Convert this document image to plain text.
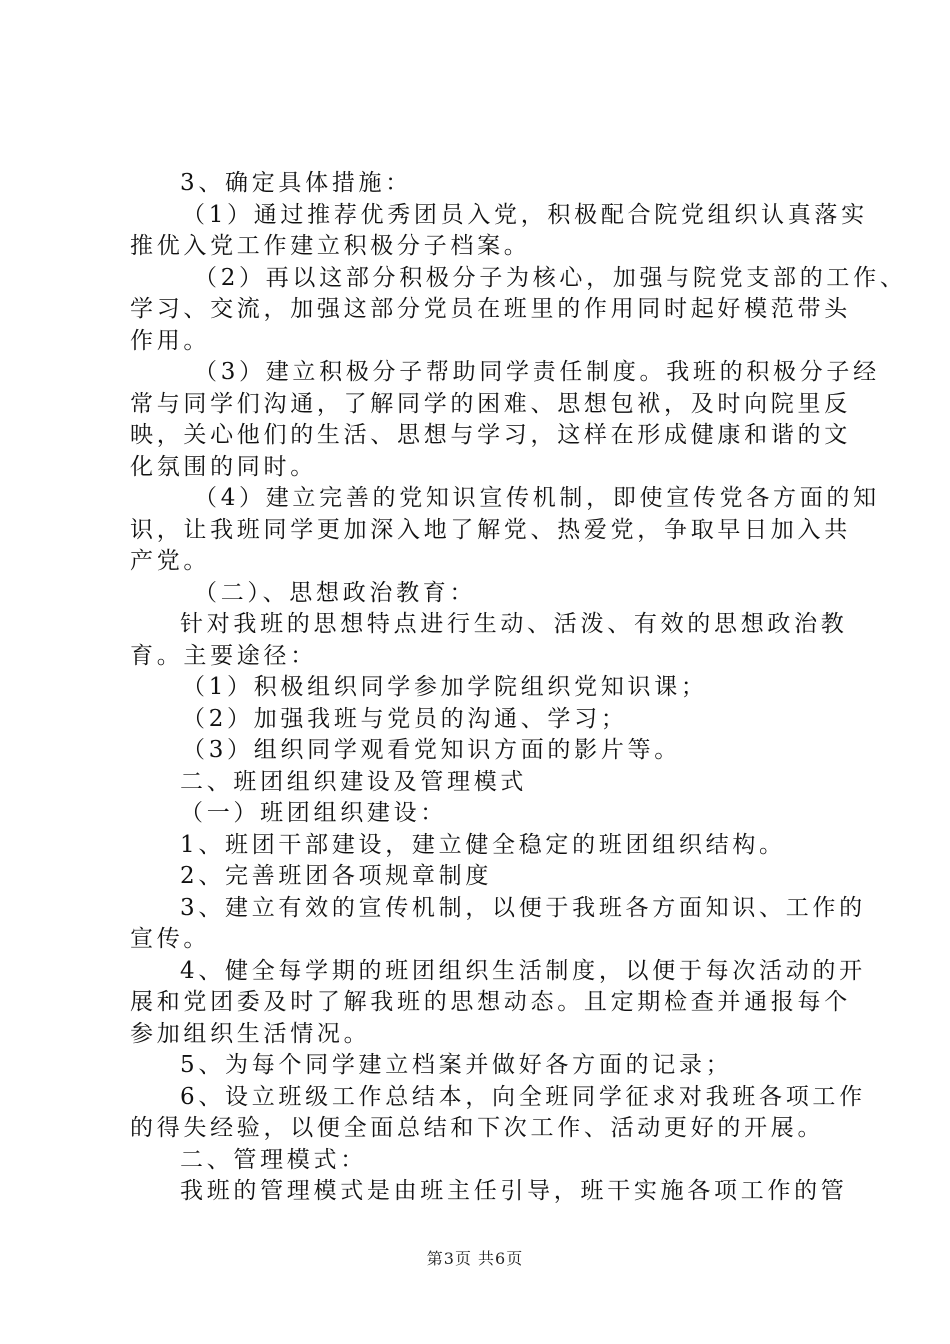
3、确定具体措施：
（1）通过推荐优秀团员入党，积极配合院党组织认真落实
推优入党工作建立积极分子档案。
（2）再以这部分积极分子为核心，加强与院党支部的工作、
学习、交流，加强这部分党员在班里的作用同时起好模范带头
作用。
（3）建立积极分子帮助同学责任制度。我班的积极分子经
常与同学们沟通，了解同学的困难、思想包袱，及时向院里反
映，关心他们的生活、思想与学习，这样在形成健康和谐的文
化氛围的同时。
（4）建立完善的党知识宣传机制，即使宣传党各方面的知
识，让我班同学更加深入地了解党、热爱党，争取早日加入共
产党。
（二）、思想政治教育：
针对我班的思想特点进行生动、活泼、有效的思想政治教
育。主要途径：
（1）积极组织同学参加学院组织党知识课；
（2）加强我班与党员的沟通、学习；
（3）组织同学观看党知识方面的影片等。
二、班团组织建设及管理模式
（一）班团组织建设：
1、班团干部建设，建立健全稳定的班团组织结构。
2、完善班团各项规章制度
3、建立有效的宣传机制，以便于我班各方面知识、工作的
宣传。
4、健全每学期的班团组织生活制度，以便于每次活动的开
展和党团委及时了解我班的思想动态。且定期检查并通报每个
参加组织生活情况。
5、为每个同学建立档案并做好各方面的记录；
6、设立班级工作总结本，向全班同学征求对我班各项工作
的得失经验，以便全面总结和下次工作、活动更好的开展。
二、管理模式：
我班的管理模式是由班主任引导，班干实施各项工作的管
第3页 共6页
